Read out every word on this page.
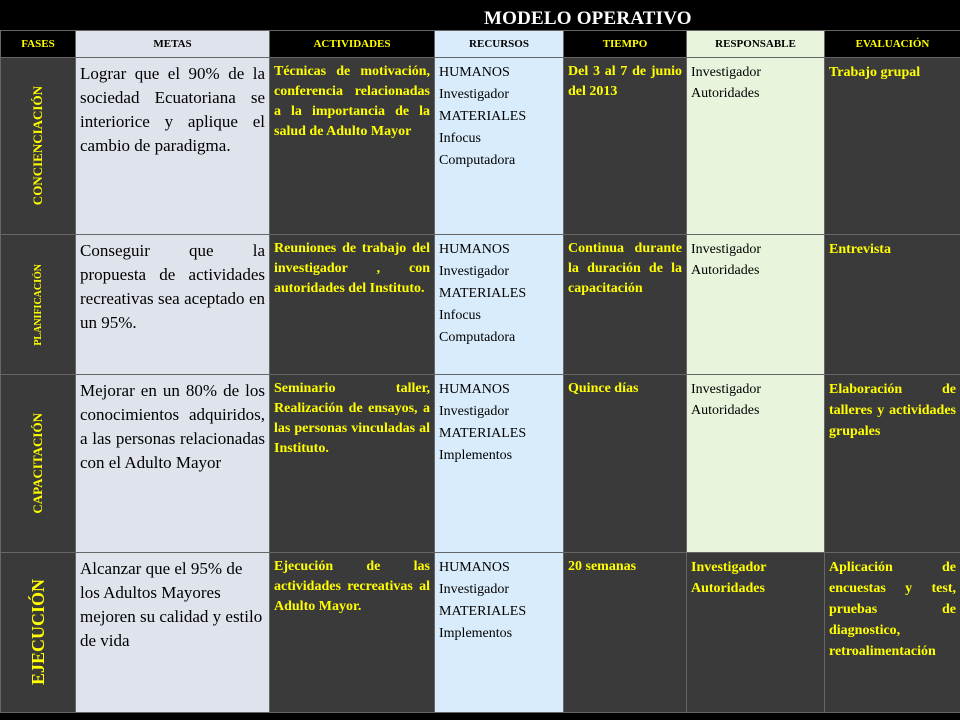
MODELO OPERATIVO
FASES	METAS	ACTIVIDADES	RECURSOS	TIEMPO	RESPONSABLE	EVALUACIÓN

CONCIENCIACIÓN	Lograr que el 90% de la sociedad Ecuatoriana se interiorice y aplique el cambio de paradigma.	Técnicas de motivación, conferencia relacionadas a la importancia de la salud de Adulto Mayor	HUMANOS
Investigador
MATERIALES
Infocus
Computadora	Del 3 al 7 de junio del 2013	Investigador
Autoridades	Trabajo grupal

PLANIFICACIÓN	Conseguir que la propuesta de actividades recreativas sea aceptado en un 95%.	Reuniones de trabajo del investigador , con autoridades del Instituto.	HUMANOS
Investigador
MATERIALES
Infocus
Computadora	Continua durante la duración de la capacitación	Investigador
Autoridades	Entrevista

CAPACITACIÓN	Mejorar en un 80% de los conocimientos adquiridos, a las personas relacionadas con el Adulto Mayor	Seminario taller, Realización de ensayos, a las personas vinculadas al Instituto.	HUMANOS
Investigador
MATERIALES
Implementos	Quince días	Investigador
Autoridades	Elaboración de talleres y actividades grupales

EJECUCIÓN	Alcanzar que el 95% de los Adultos Mayores mejoren su calidad y estilo de vida	Ejecución de las actividades recreativas al Adulto Mayor.	HUMANOS
Investigador
MATERIALES
Implementos	20 semanas	Investigador
Autoridades	Aplicación de encuestas y test, pruebas de diagnostico, retroalimentación
